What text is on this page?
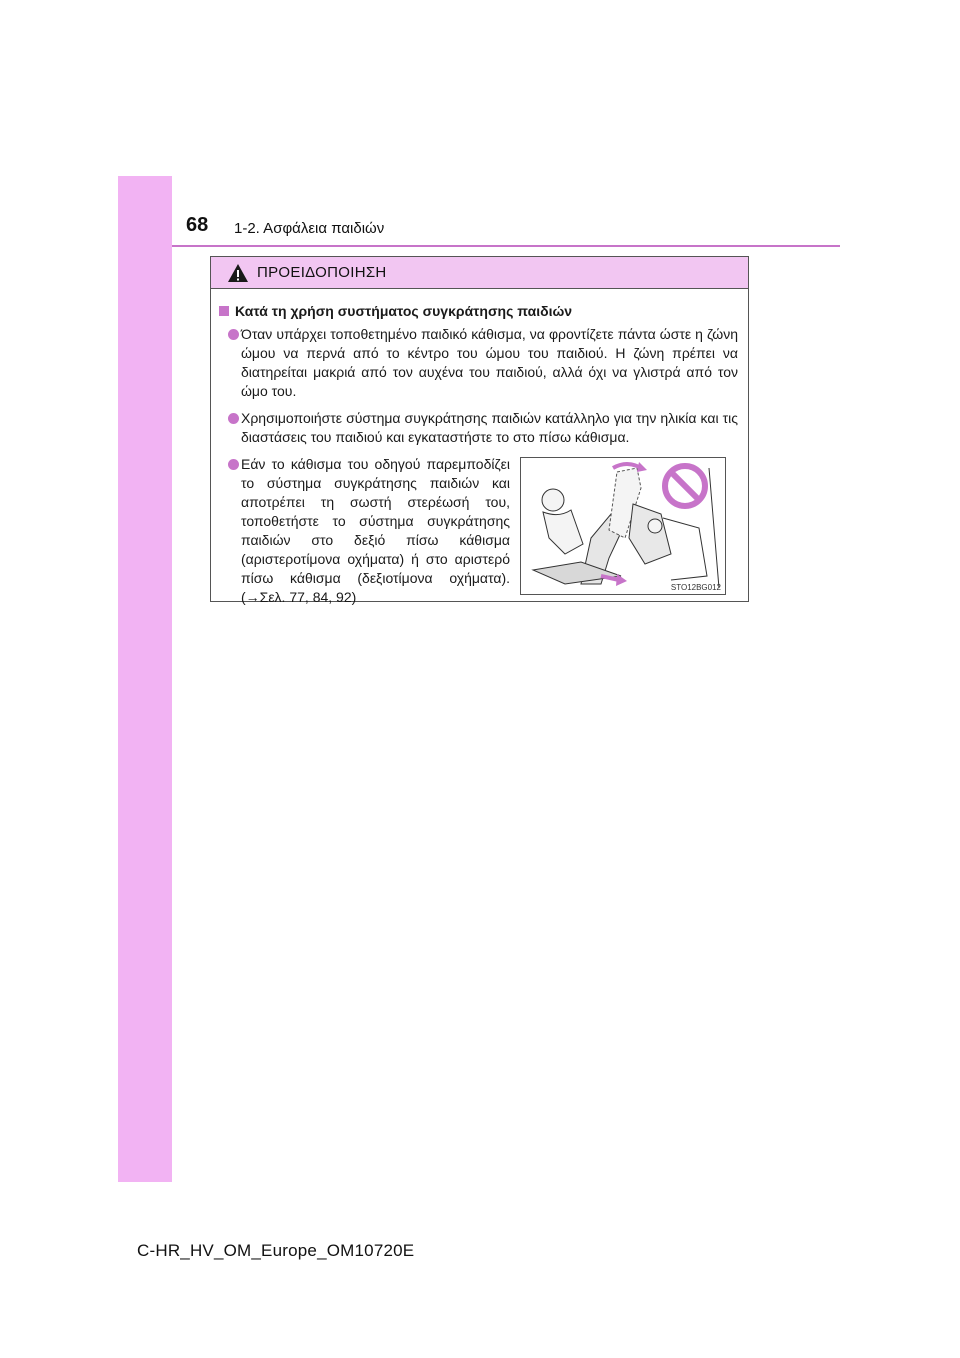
68 1-2. Ασφάλεια παιδιών
ΠΡΟΕΙΔΟΠΟΙΗΣΗ
Κατά τη χρήση συστήματος συγκράτησης παιδιών
Όταν υπάρχει τοποθετημένο παιδικό κάθισμα, να φροντίζετε πάντα ώστε η ζώνη ώμου να περνά από το κέντρο του ώμου του παιδιού. Η ζώνη πρέπει να διατηρείται μακριά από τον αυχένα του παιδιού, αλλά όχι να γλιστρά από τον ώμο του.
Χρησιμοποιήστε σύστημα συγκράτησης παιδιών κατάλληλο για την ηλικία και τις διαστάσεις του παιδιού και εγκαταστήστε το στο πίσω κάθισμα.
Εάν το κάθισμα του οδηγού παρεμποδίζει το σύστημα συγκράτησης παιδιών και αποτρέπει τη σωστή στερέωσή του, τοποθετήστε το σύστημα συγκράτησης παιδιών στο δεξιό πίσω κάθισμα (αριστεροτίμονα οχήματα) ή στο αριστερό πίσω κάθισμα (δεξιοτίμονα οχήματα). (→Σελ. 77, 84, 92)
STO12BG012
C-HR_HV_OM_Europe_OM10720E
